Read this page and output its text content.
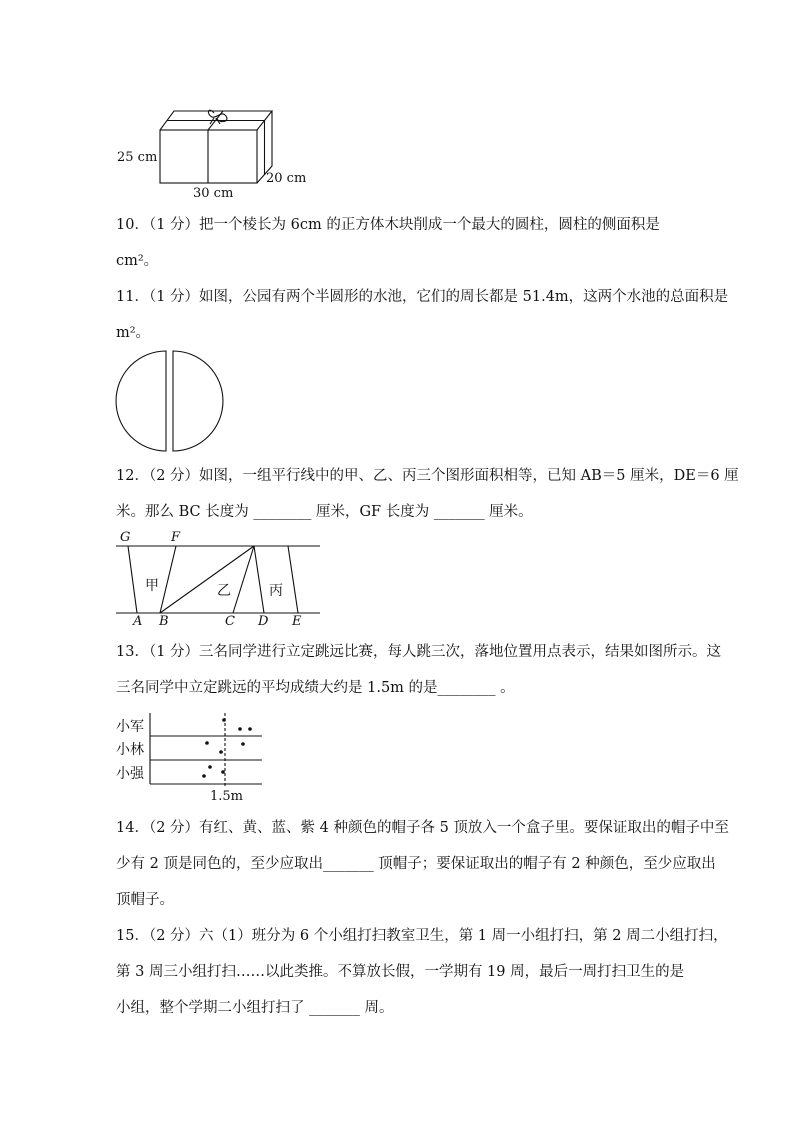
25 cm
30 cm
20 cm
10．（1 分）把一个棱长为 6cm 的正方体木块削成一个最大的圆柱，圆柱的侧面积是
cm²。
11．（1 分）如图，公园有两个半圆形的水池，它们的周长都是 51.4m，这两个水池的总面积是
m²。
12．（2 分）如图，一组平行线中的甲、乙、丙三个图形面积相等，已知 AB＝5 厘米，DE＝6 厘
米。那么 BC 长度为 ________ 厘米，GF 长度为 _______ 厘米。
G	F
A B	C D E
甲	乙	丙
13．（1 分）三名同学进行立定跳远比赛，每人跳三次，落地位置用点表示，结果如图所示。这
三名同学中立定跳远的平均成绩大约是 1.5m 的是________ 。
小军
小林
小强
1.5m
14．（2 分）有红、黄、蓝、紫 4 种颜色的帽子各 5 顶放入一个盒子里。要保证取出的帽子中至
少有 2 顶是同色的，至少应取出_______ 顶帽子；要保证取出的帽子有 2 种颜色，至少应取出
顶帽子。
15．（2 分）六（1）班分为 6 个小组打扫教室卫生，第 1 周一小组打扫，第 2 周二小组打扫，
第 3 周三小组打扫……以此类推。不算放长假，一学期有 19 周，最后一周打扫卫生的是
小组，整个学期二小组打扫了 _______ 周。
